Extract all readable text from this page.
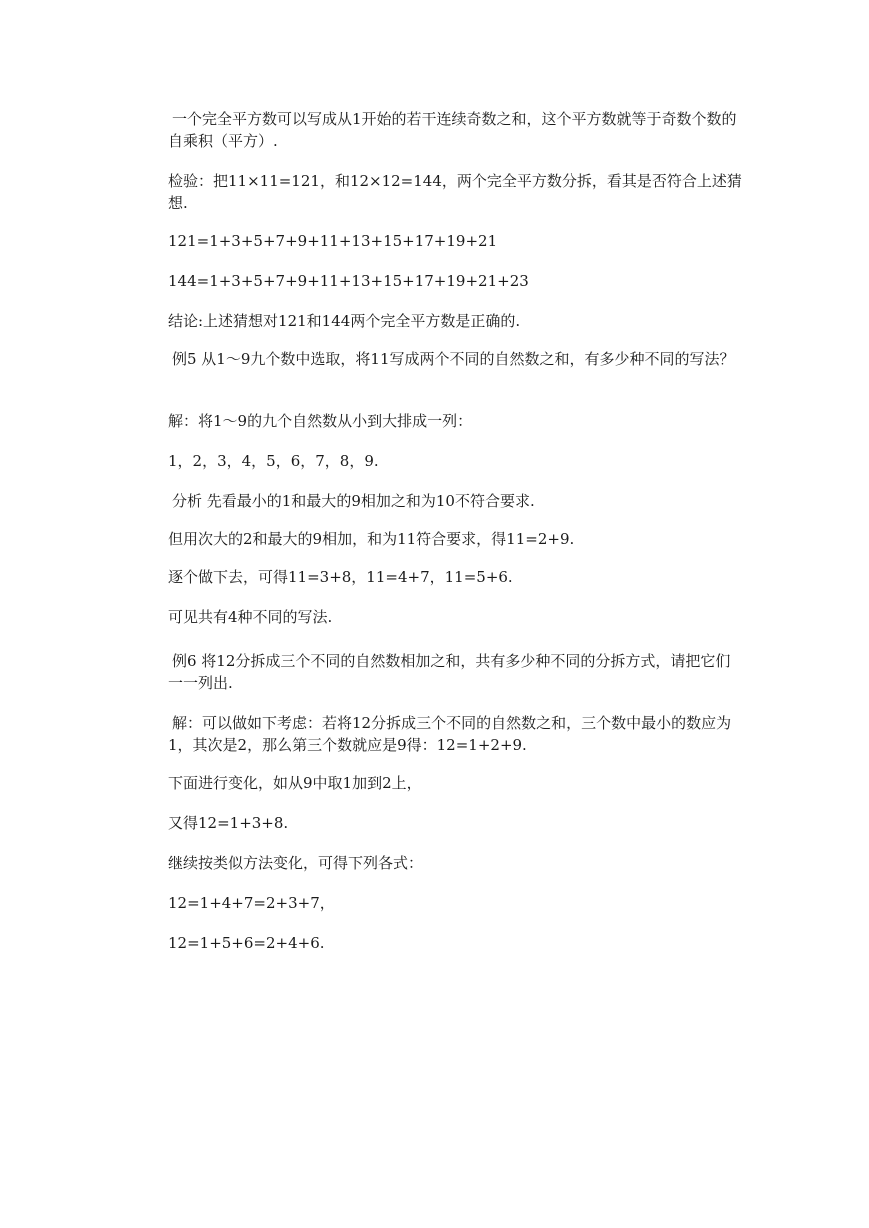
一个完全平方数可以写成从1开始的若干连续奇数之和，这个平方数就等于奇数个数的自乘积（平方）.
检验：把11×11=121，和12×12=144，两个完全平方数分拆，看其是否符合上述猜想.
121=1+3+5+7+9+11+13+15+17+19+21
144=1+3+5+7+9+11+13+15+17+19+21+23
结论:上述猜想对121和144两个完全平方数是正确的.
例5 从1～9九个数中选取，将11写成两个不同的自然数之和，有多少种不同的写法？
解：将1～9的九个自然数从小到大排成一列：
1，2，3，4，5，6，7，8，9.
分析 先看最小的1和最大的9相加之和为10不符合要求.
但用次大的2和最大的9相加，和为11符合要求，得11=2+9.
逐个做下去，可得11=3+8，11=4+7，11=5+6.
可见共有4种不同的写法.
例6 将12分拆成三个不同的自然数相加之和，共有多少种不同的分拆方式，请把它们一一列出.
解：可以做如下考虑：若将12分拆成三个不同的自然数之和，三个数中最小的数应为1，其次是2，那么第三个数就应是9得：12=1+2+9.
下面进行变化，如从9中取1加到2上，
又得12=1+3+8.
继续按类似方法变化，可得下列各式：
12=1+4+7=2+3+7，
12=1+5+6=2+4+6.
